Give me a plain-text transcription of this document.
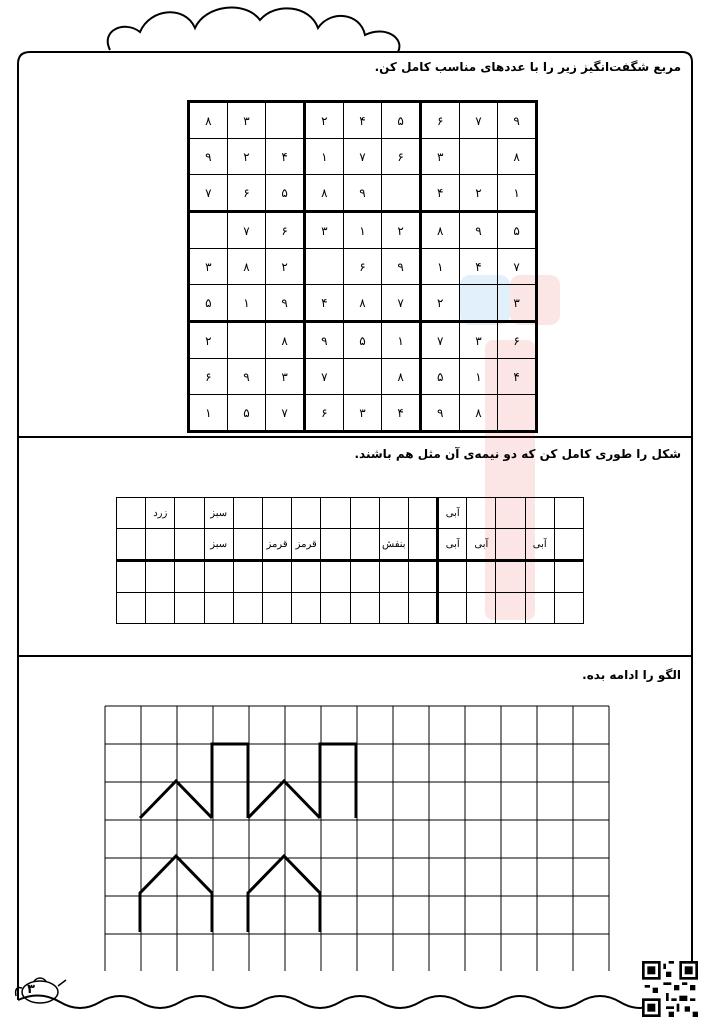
مربع شگفت‌انگیز زیر را با عددهای مناسب کامل کن.
۸	۳		۲	۴	۵	۶	۷	۹
۹	۲	۴	۱	۷	۶	۳		۸
۷	۶	۵	۸	۹		۴	۲	۱
	۷	۶	۳	۱	۲	۸	۹	۵
۳	۸	۲		۶	۹	۱	۴	۷
۵	۱	۹	۴	۸	۷	۲		۳
۲		۸	۹	۵	۱	۷	۳	۶
۶	۹	۳	۷		۸	۵	۱	۴
۱	۵	۷	۶	۳	۴	۹	۸	
شکل را طوری کامل کن که دو نیمه‌ی آن مثل هم باشند.
				آبی								سبز		زرد	
	آبی		آبی	آبی		بنفش			قرمز	قرمز		سبز			

الگو را ادامه بده.
۳
